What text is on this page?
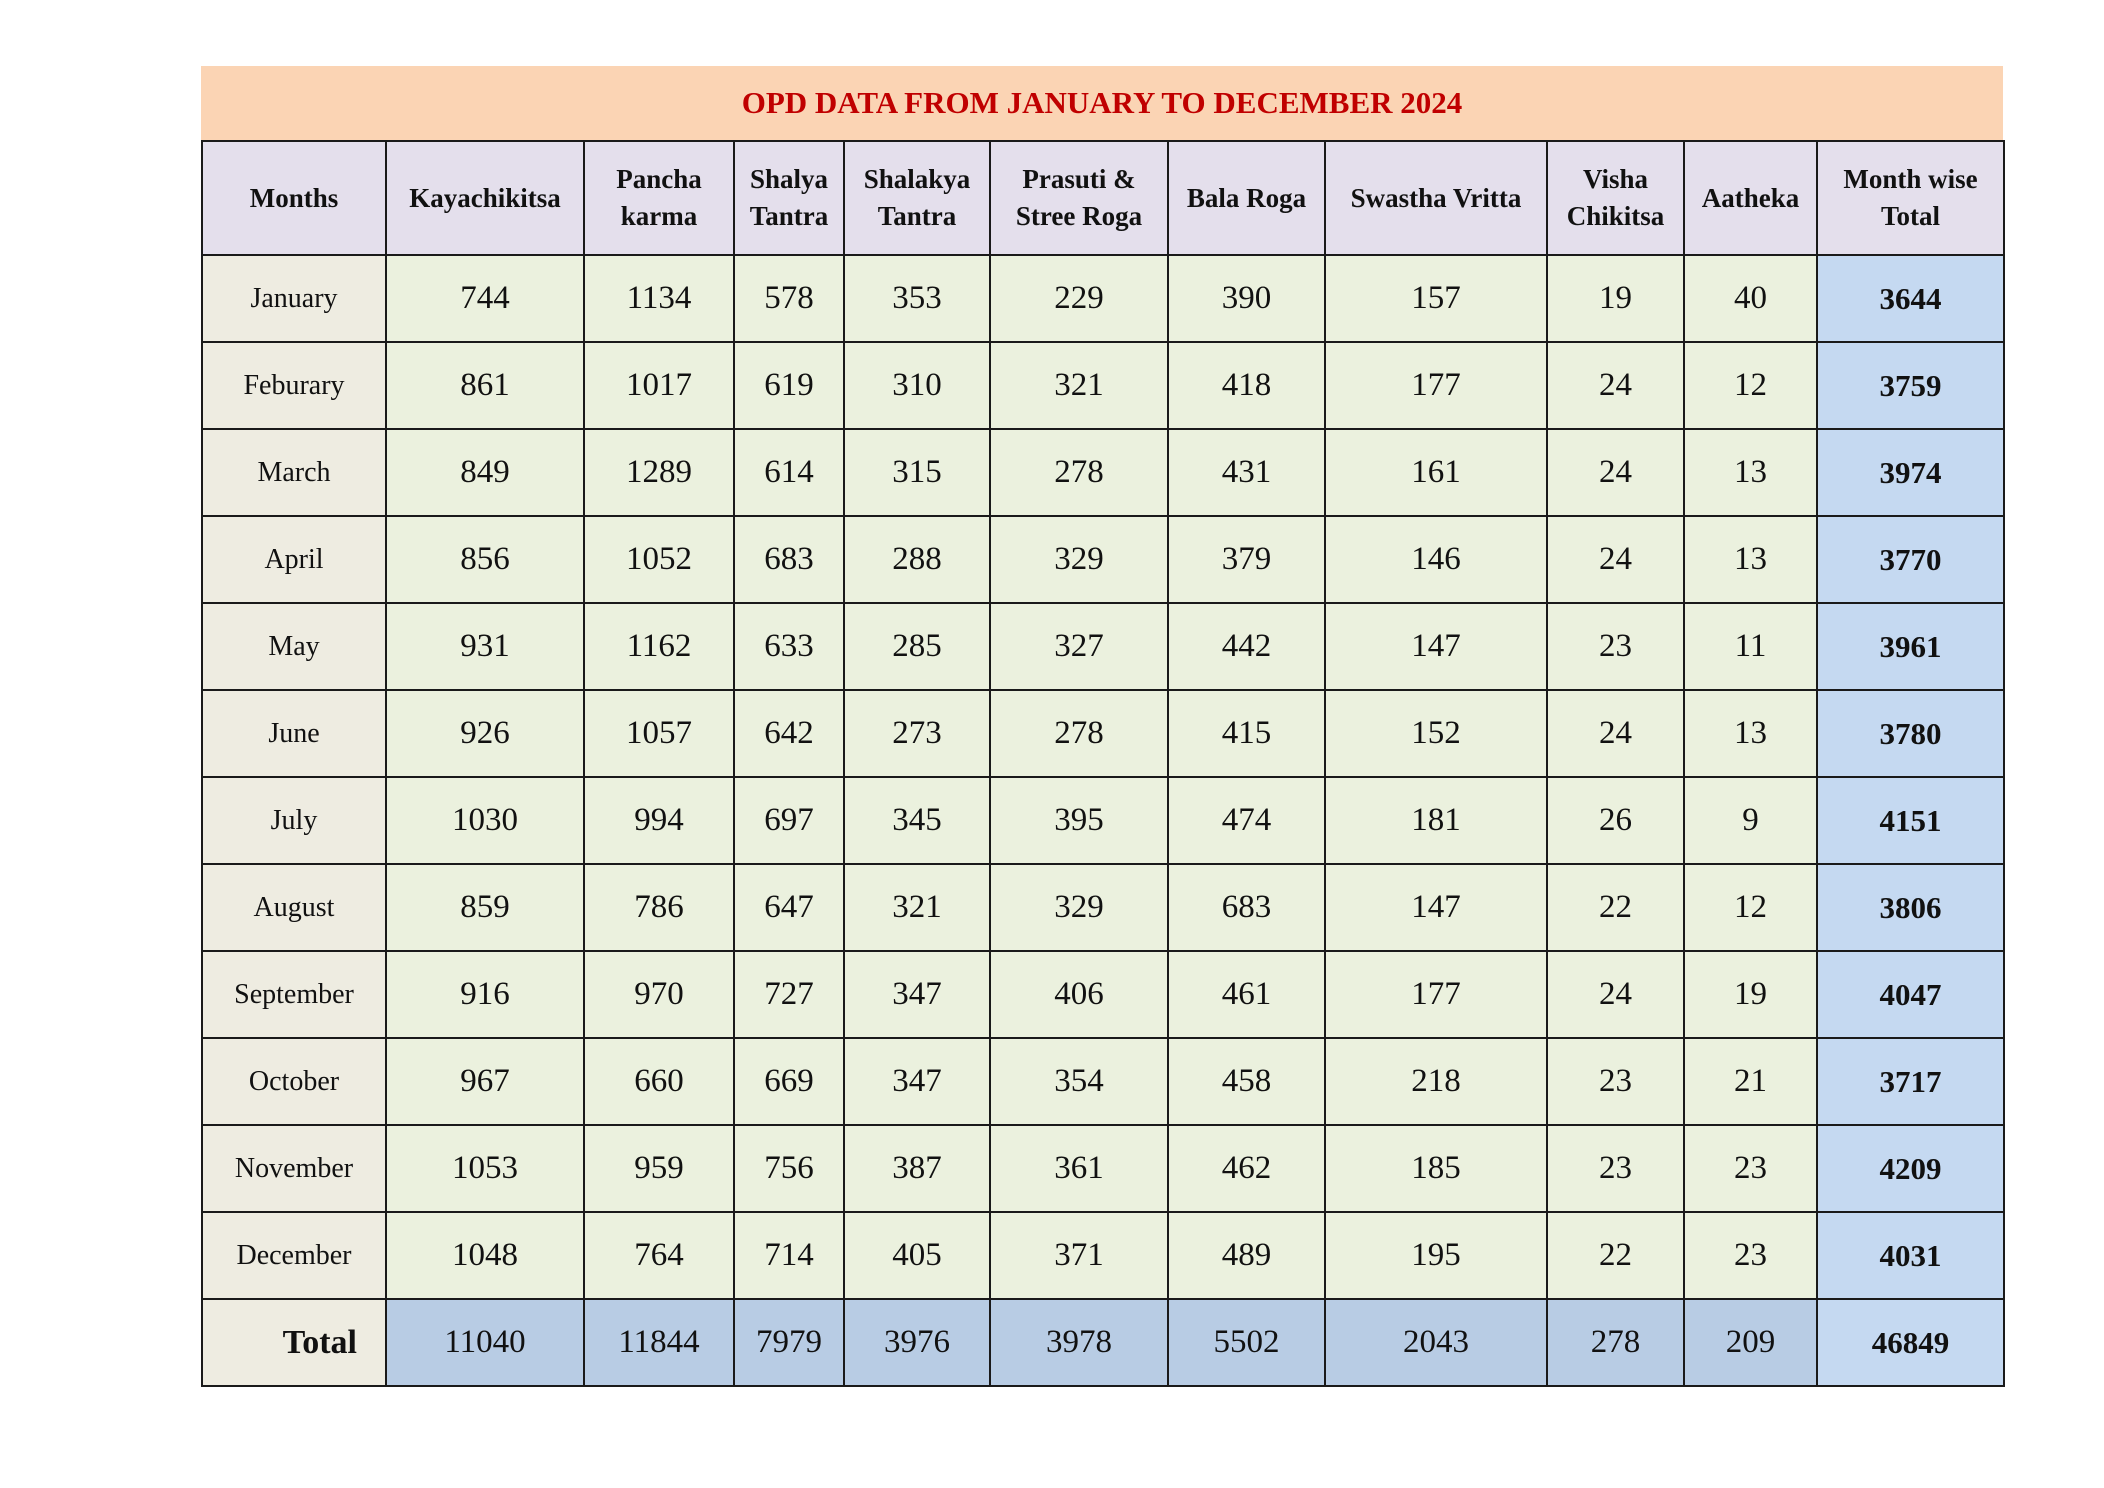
OPD DATA FROM JANUARY TO DECEMBER 2024
Months	Kayachikitsa	Pancha karma	Shalya Tantra	Shalakya Tantra	Prasuti & Stree Roga	Bala Roga	Swastha Vritta	Visha Chikitsa	Aatheka	Month wise Total
January	744	1134	578	353	229	390	157	19	40	3644
Feburary	861	1017	619	310	321	418	177	24	12	3759
March	849	1289	614	315	278	431	161	24	13	3974
April	856	1052	683	288	329	379	146	24	13	3770
May	931	1162	633	285	327	442	147	23	11	3961
June	926	1057	642	273	278	415	152	24	13	3780
July	1030	994	697	345	395	474	181	26	9	4151
August	859	786	647	321	329	683	147	22	12	3806
September	916	970	727	347	406	461	177	24	19	4047
October	967	660	669	347	354	458	218	23	21	3717
November	1053	959	756	387	361	462	185	23	23	4209
December	1048	764	714	405	371	489	195	22	23	4031
Total	11040	11844	7979	3976	3978	5502	2043	278	209	46849
